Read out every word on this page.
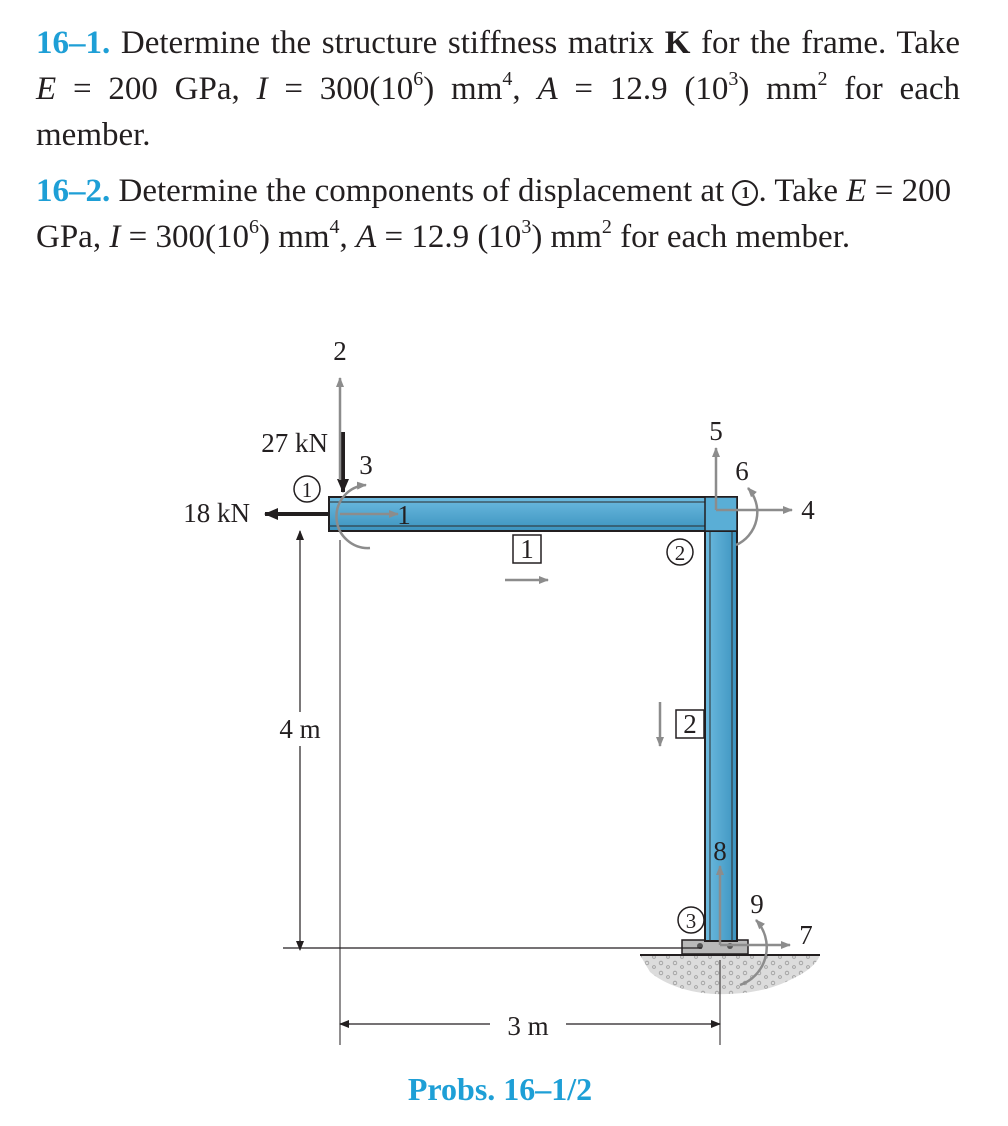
16–1. Determine the structure stiffness matrix K for the frame. Take E = 200 GPa, $I = 300(10^6)$ $mm^4$, A = 12.9 $(10^3)$ $mm^2$ for each member.

16–2. Determine the components of displacement at 1 . Take E = 200 GPa, $I = 300(10^6)$ $mm^4$, A = 12.9 $(10^3)$ $mm^2$ for each member.

4 m
3 m
27 kN
18 kN
2
1
3
5
6
4
8
9
7
1
2
1
2
3
Probs. 16–1/2
